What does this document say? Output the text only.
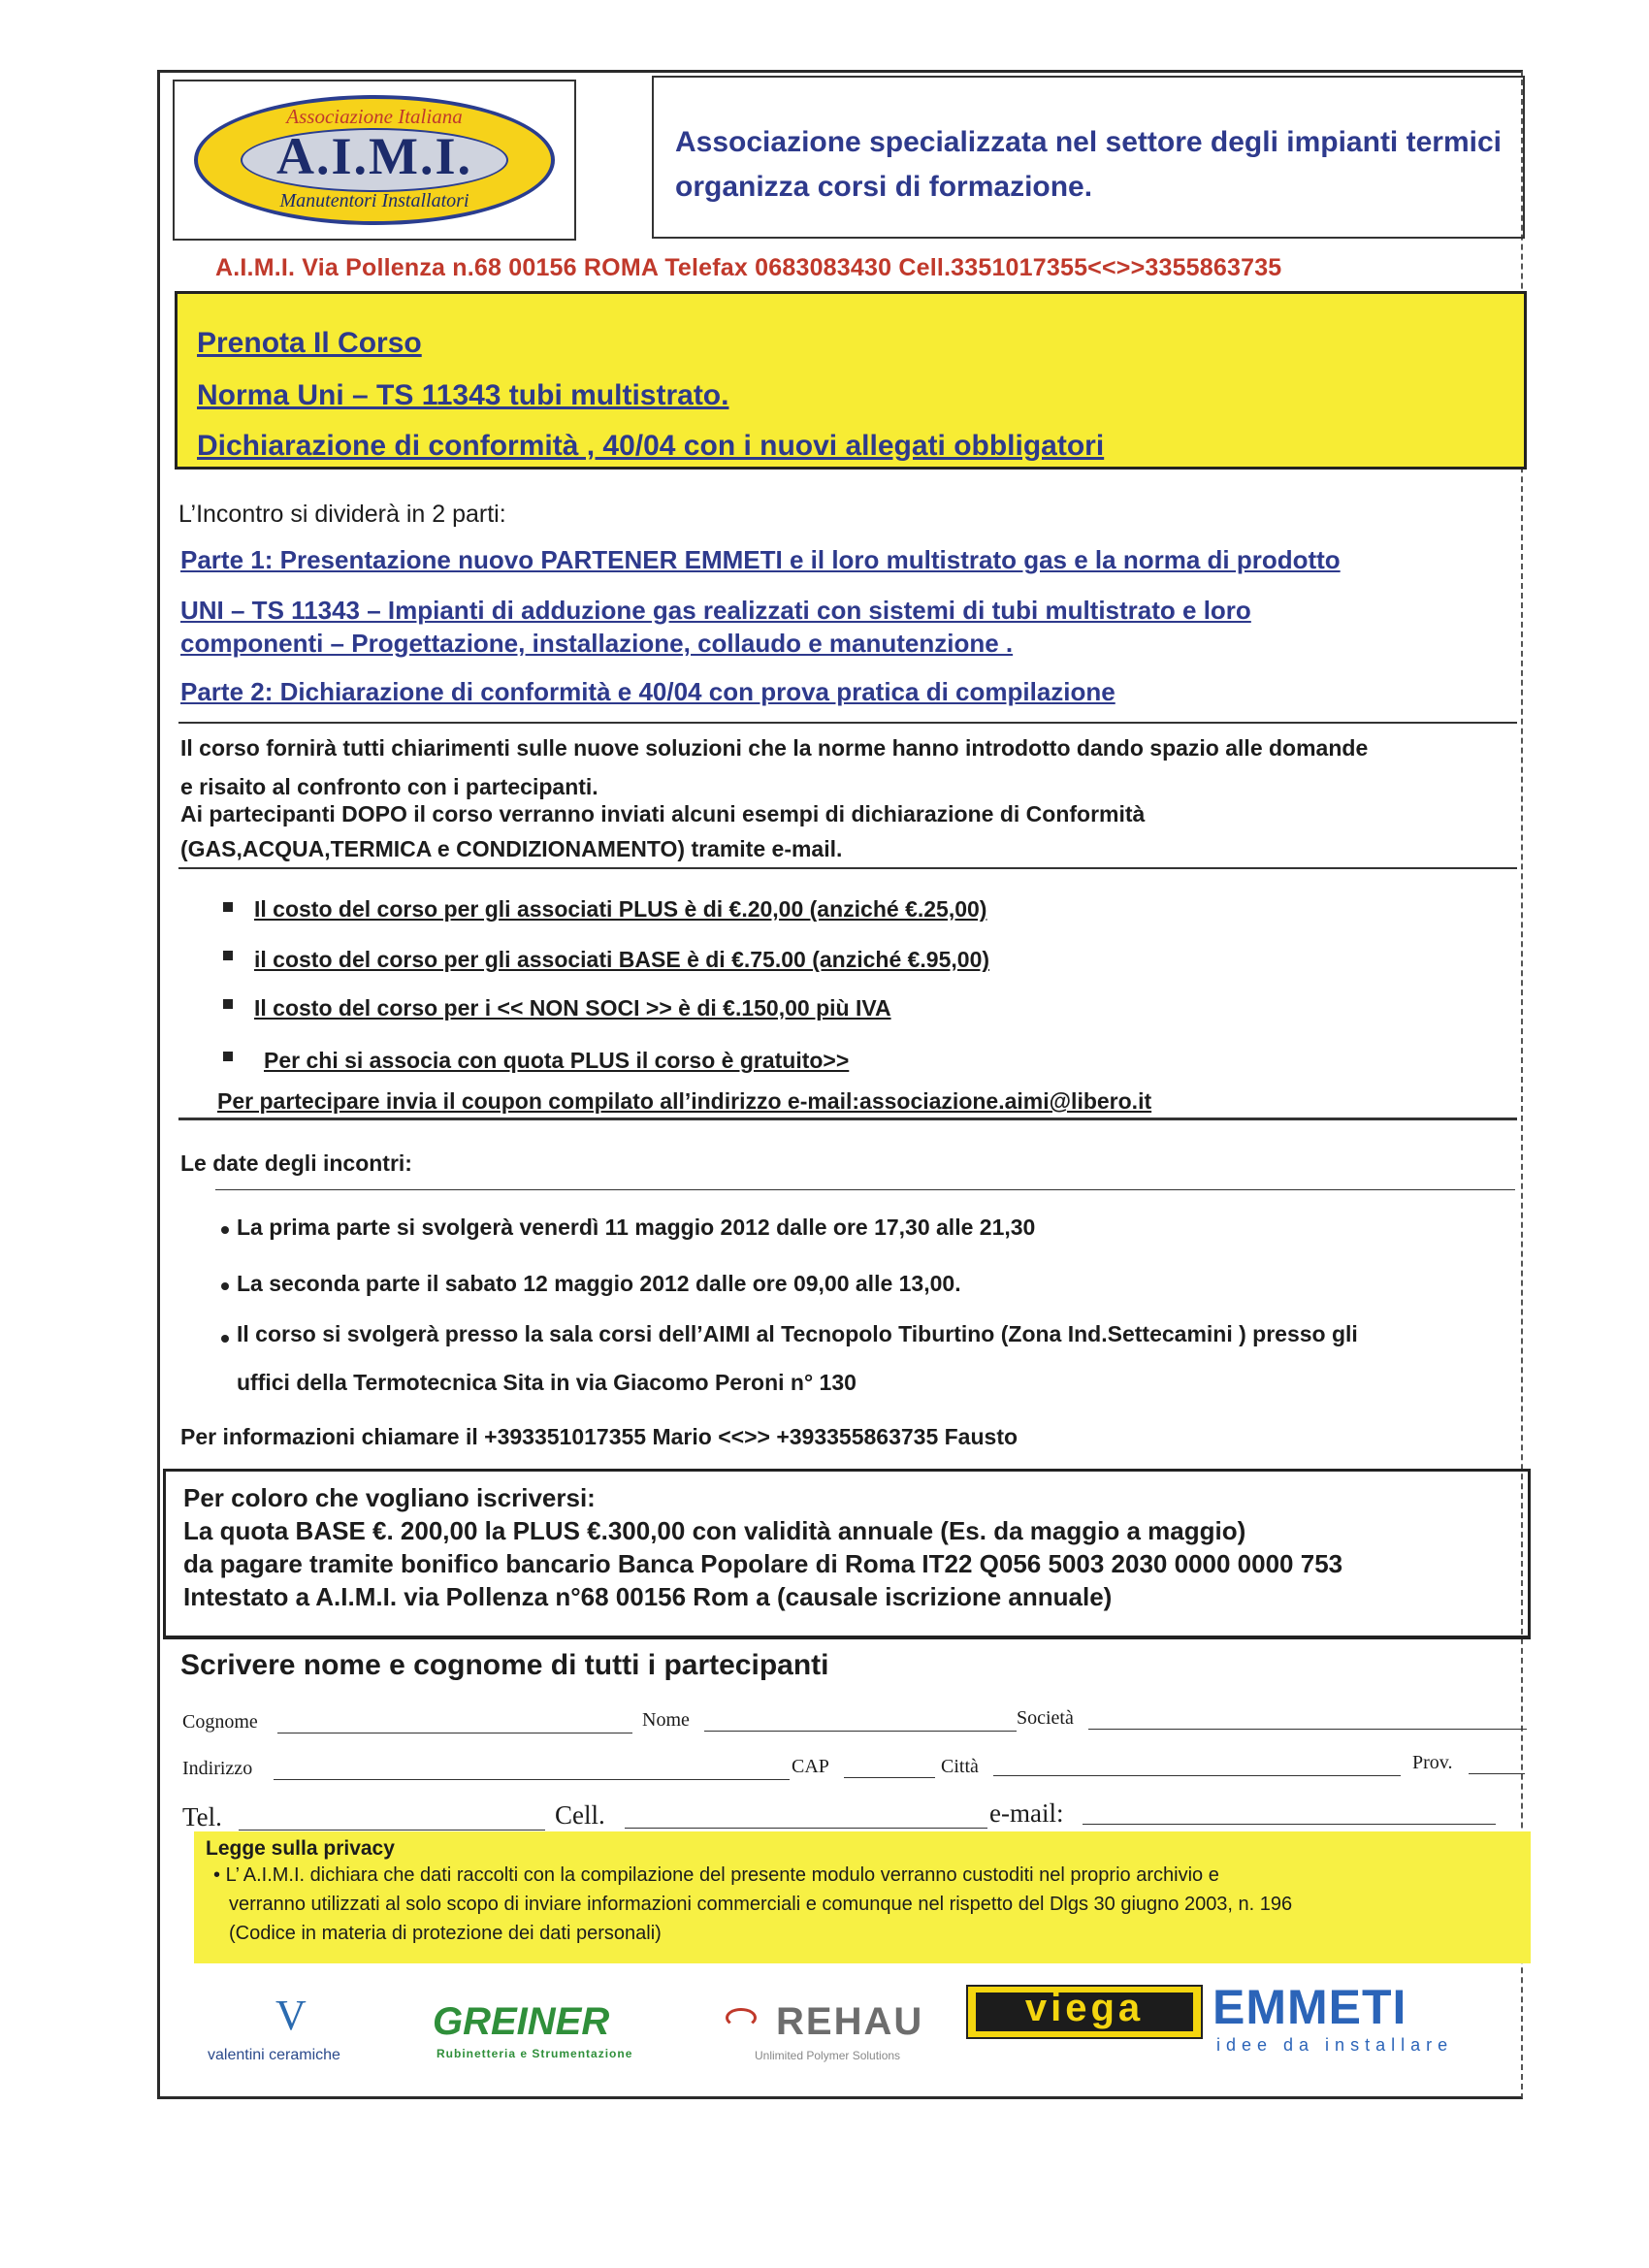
Associazione Italiana
A.I.M.I.
Manutentori Installatori
Associazione specializzata nel settore degli impianti termici organizza corsi di formazione.
A.I.M.I. Via Pollenza n.68 00156 ROMA Telefax 0683083430 Cell.3351017355<<>>3355863735
Prenota Il Corso
Norma Uni – TS 11343 tubi multistrato.
Dichiarazione di conformità , 40/04 con i nuovi allegati obbligatori
L’Incontro si dividerà in 2 parti:
Parte 1: Presentazione nuovo PARTENER EMMETI e il loro multistrato gas e la norma di prodotto
UNI – TS 11343 – Impianti di adduzione gas realizzati con sistemi di tubi multistrato e loro
componenti – Progettazione, installazione, collaudo e manutenzione .
Parte 2: Dichiarazione di conformità e 40/04 con prova pratica di compilazione
Il corso fornirà tutti chiarimenti sulle nuove soluzioni che la norme hanno introdotto dando spazio alle domande
e risaito al confronto con i partecipanti.
Ai partecipanti DOPO il corso verranno inviati alcuni esempi di dichiarazione di Conformità
(GAS,ACQUA,TERMICA e CONDIZIONAMENTO) tramite e-mail.
Il costo del corso per gli associati PLUS è di €.20,00 (anziché €.25,00)
il costo del corso per gli associati BASE è di €.75.00 (anziché €.95,00)
Il costo del corso per i << NON SOCI >> è di €.150,00 più IVA
Per chi si associa con quota PLUS il corso è gratuito>>
Per partecipare invia il coupon compilato all’indirizzo e-mail:associazione.aimi@libero.it
Le date degli incontri:
La prima parte si svolgerà venerdì 11 maggio 2012 dalle ore 17,30 alle 21,30
La seconda parte il sabato 12 maggio 2012 dalle ore 09,00 alle 13,00.
Il corso si svolgerà presso la sala corsi dell’AIMI al Tecnopolo Tiburtino (Zona Ind.Settecamini ) presso gli
uffici della Termotecnica Sita in via Giacomo Peroni n° 130
Per informazioni chiamare il +393351017355 Mario <<>> +393355863735 Fausto
Per coloro che vogliano iscriversi:
La quota BASE €. 200,00 la PLUS €.300,00 con validità annuale (Es. da maggio a maggio)
da pagare tramite bonifico bancario Banca Popolare di Roma IT22 Q056 5003 2030 0000 0000 753
Intestato a A.I.M.I. via Pollenza n°68 00156 Rom a (causale iscrizione annuale)
Scrivere nome e cognome di tutti i partecipanti
Cognome	Nome	Società
Indirizzo	CAP	Città	Prov.
Tel.	Cell.	e-mail:
Legge sulla privacy
• L’ A.I.M.I. dichiara che dati raccolti con la compilazione del presente modulo verranno custoditi nel proprio archivio e
verranno utilizzati al solo scopo di inviare informazioni commerciali e comunque nel rispetto del Dlgs 30 giugno 2003, n. 196
(Codice in materia di protezione dei dati personali)
V
valentini ceramiche
GREINER
Rubinetteria e Strumentazione
REHAU
Unlimited Polymer Solutions
viega	EMMETI
idee da installare
